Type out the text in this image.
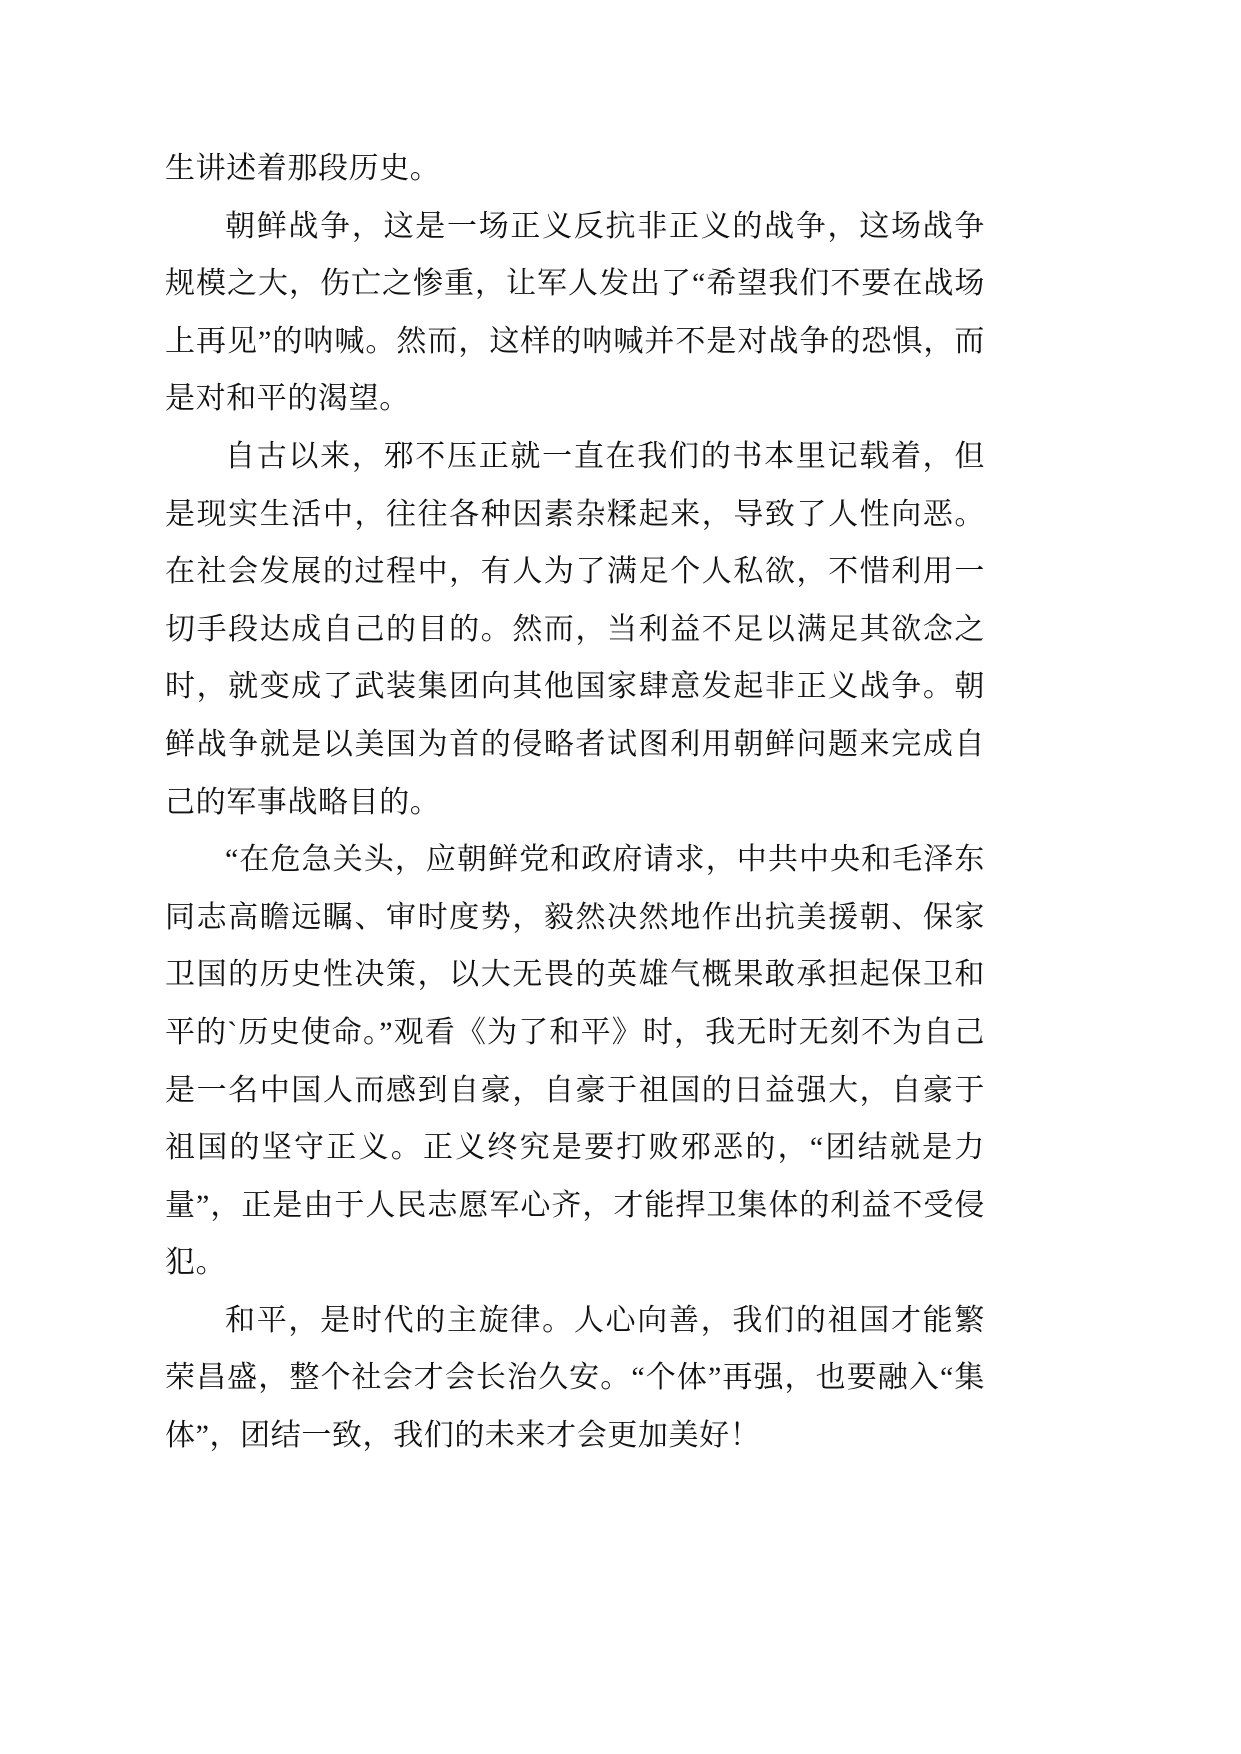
生讲述着那段历史。

朝鲜战争，这是一场正义反抗非正义的战争，这场战争规模之大，伤亡之惨重，让军人发出了“希望我们不要在战场上再见”的呐喊。然而，这样的呐喊并不是对战争的恐惧，而是对和平的渴望。

自古以来，邪不压正就一直在我们的书本里记载着，但是现实生活中，往往各种因素杂糅起来，导致了人性向恶。在社会发展的过程中，有人为了满足个人私欲，不惜利用一切手段达成自己的目的。然而，当利益不足以满足其欲念之时，就变成了武装集团向其他国家肆意发起非正义战争。朝鲜战争就是以美国为首的侵略者试图利用朝鲜问题来完成自己的军事战略目的。

“在危急关头，应朝鲜党和政府请求，中共中央和毛泽东同志高瞻远瞩、审时度势，毅然决然地作出抗美援朝、保家卫国的历史性决策，以大无畏的英雄气概果敢承担起保卫和平的`历史使命。”观看《为了和平》时，我无时无刻不为自己是一名中国人而感到自豪，自豪于祖国的日益强大，自豪于祖国的坚守正义。正义终究是要打败邪恶的，“团结就是力量”，正是由于人民志愿军心齐，才能捍卫集体的利益不受侵犯。

和平，是时代的主旋律。人心向善，我们的祖国才能繁荣昌盛，整个社会才会长治久安。“个体”再强，也要融入“集体”，团结一致，我们的未来才会更加美好！
